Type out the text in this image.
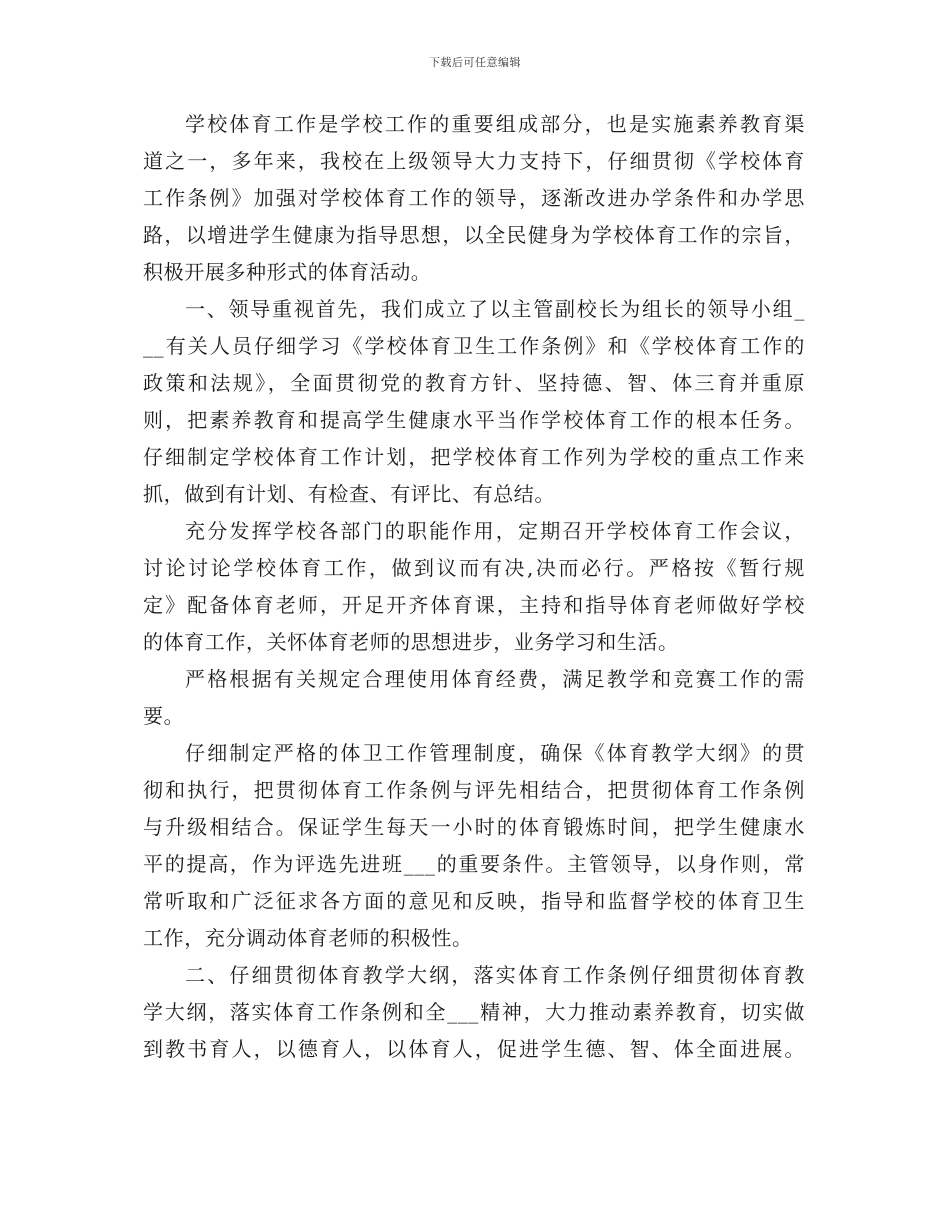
下载后可任意编辑
学校体育工作是学校工作的重要组成部分，也是实施素养教育渠
道之一，多年来，我校在上级领导大力支持下，仔细贯彻《学校体育
工作条例》加强对学校体育工作的领导，逐渐改进办学条件和办学思
路，以增进学生健康为指导思想，以全民健身为学校体育工作的宗旨，
积极开展多种形式的体育活动。
一、领导重视首先，我们成立了以主管副校长为组长的领导小组_
__有关人员仔细学习《学校体育卫生工作条例》和《学校体育工作的
政策和法规》，全面贯彻党的教育方针、坚持德、智、体三育并重原
则，把素养教育和提高学生健康水平当作学校体育工作的根本任务。
仔细制定学校体育工作计划，把学校体育工作列为学校的重点工作来
抓，做到有计划、有检查、有评比、有总结。
充分发挥学校各部门的职能作用，定期召开学校体育工作会议，
讨论讨论学校体育工作，做到议而有决,决而必行。严格按《暂行规
定》配备体育老师，开足开齐体育课，主持和指导体育老师做好学校
的体育工作，关怀体育老师的思想进步，业务学习和生活。
严格根据有关规定合理使用体育经费，满足教学和竞赛工作的需
要。
仔细制定严格的体卫工作管理制度，确保《体育教学大纲》的贯
彻和执行，把贯彻体育工作条例与评先相结合，把贯彻体育工作条例
与升级相结合。保证学生每天一小时的体育锻炼时间，把学生健康水
平的提高，作为评选先进班___的重要条件。主管领导，以身作则，常
常听取和广泛征求各方面的意见和反映，指导和监督学校的体育卫生
工作，充分调动体育老师的积极性。
二、仔细贯彻体育教学大纲，落实体育工作条例仔细贯彻体育教
学大纲，落实体育工作条例和全___精神，大力推动素养教育，切实做
到教书育人，以德育人，以体育人，促进学生德、智、体全面进展。
